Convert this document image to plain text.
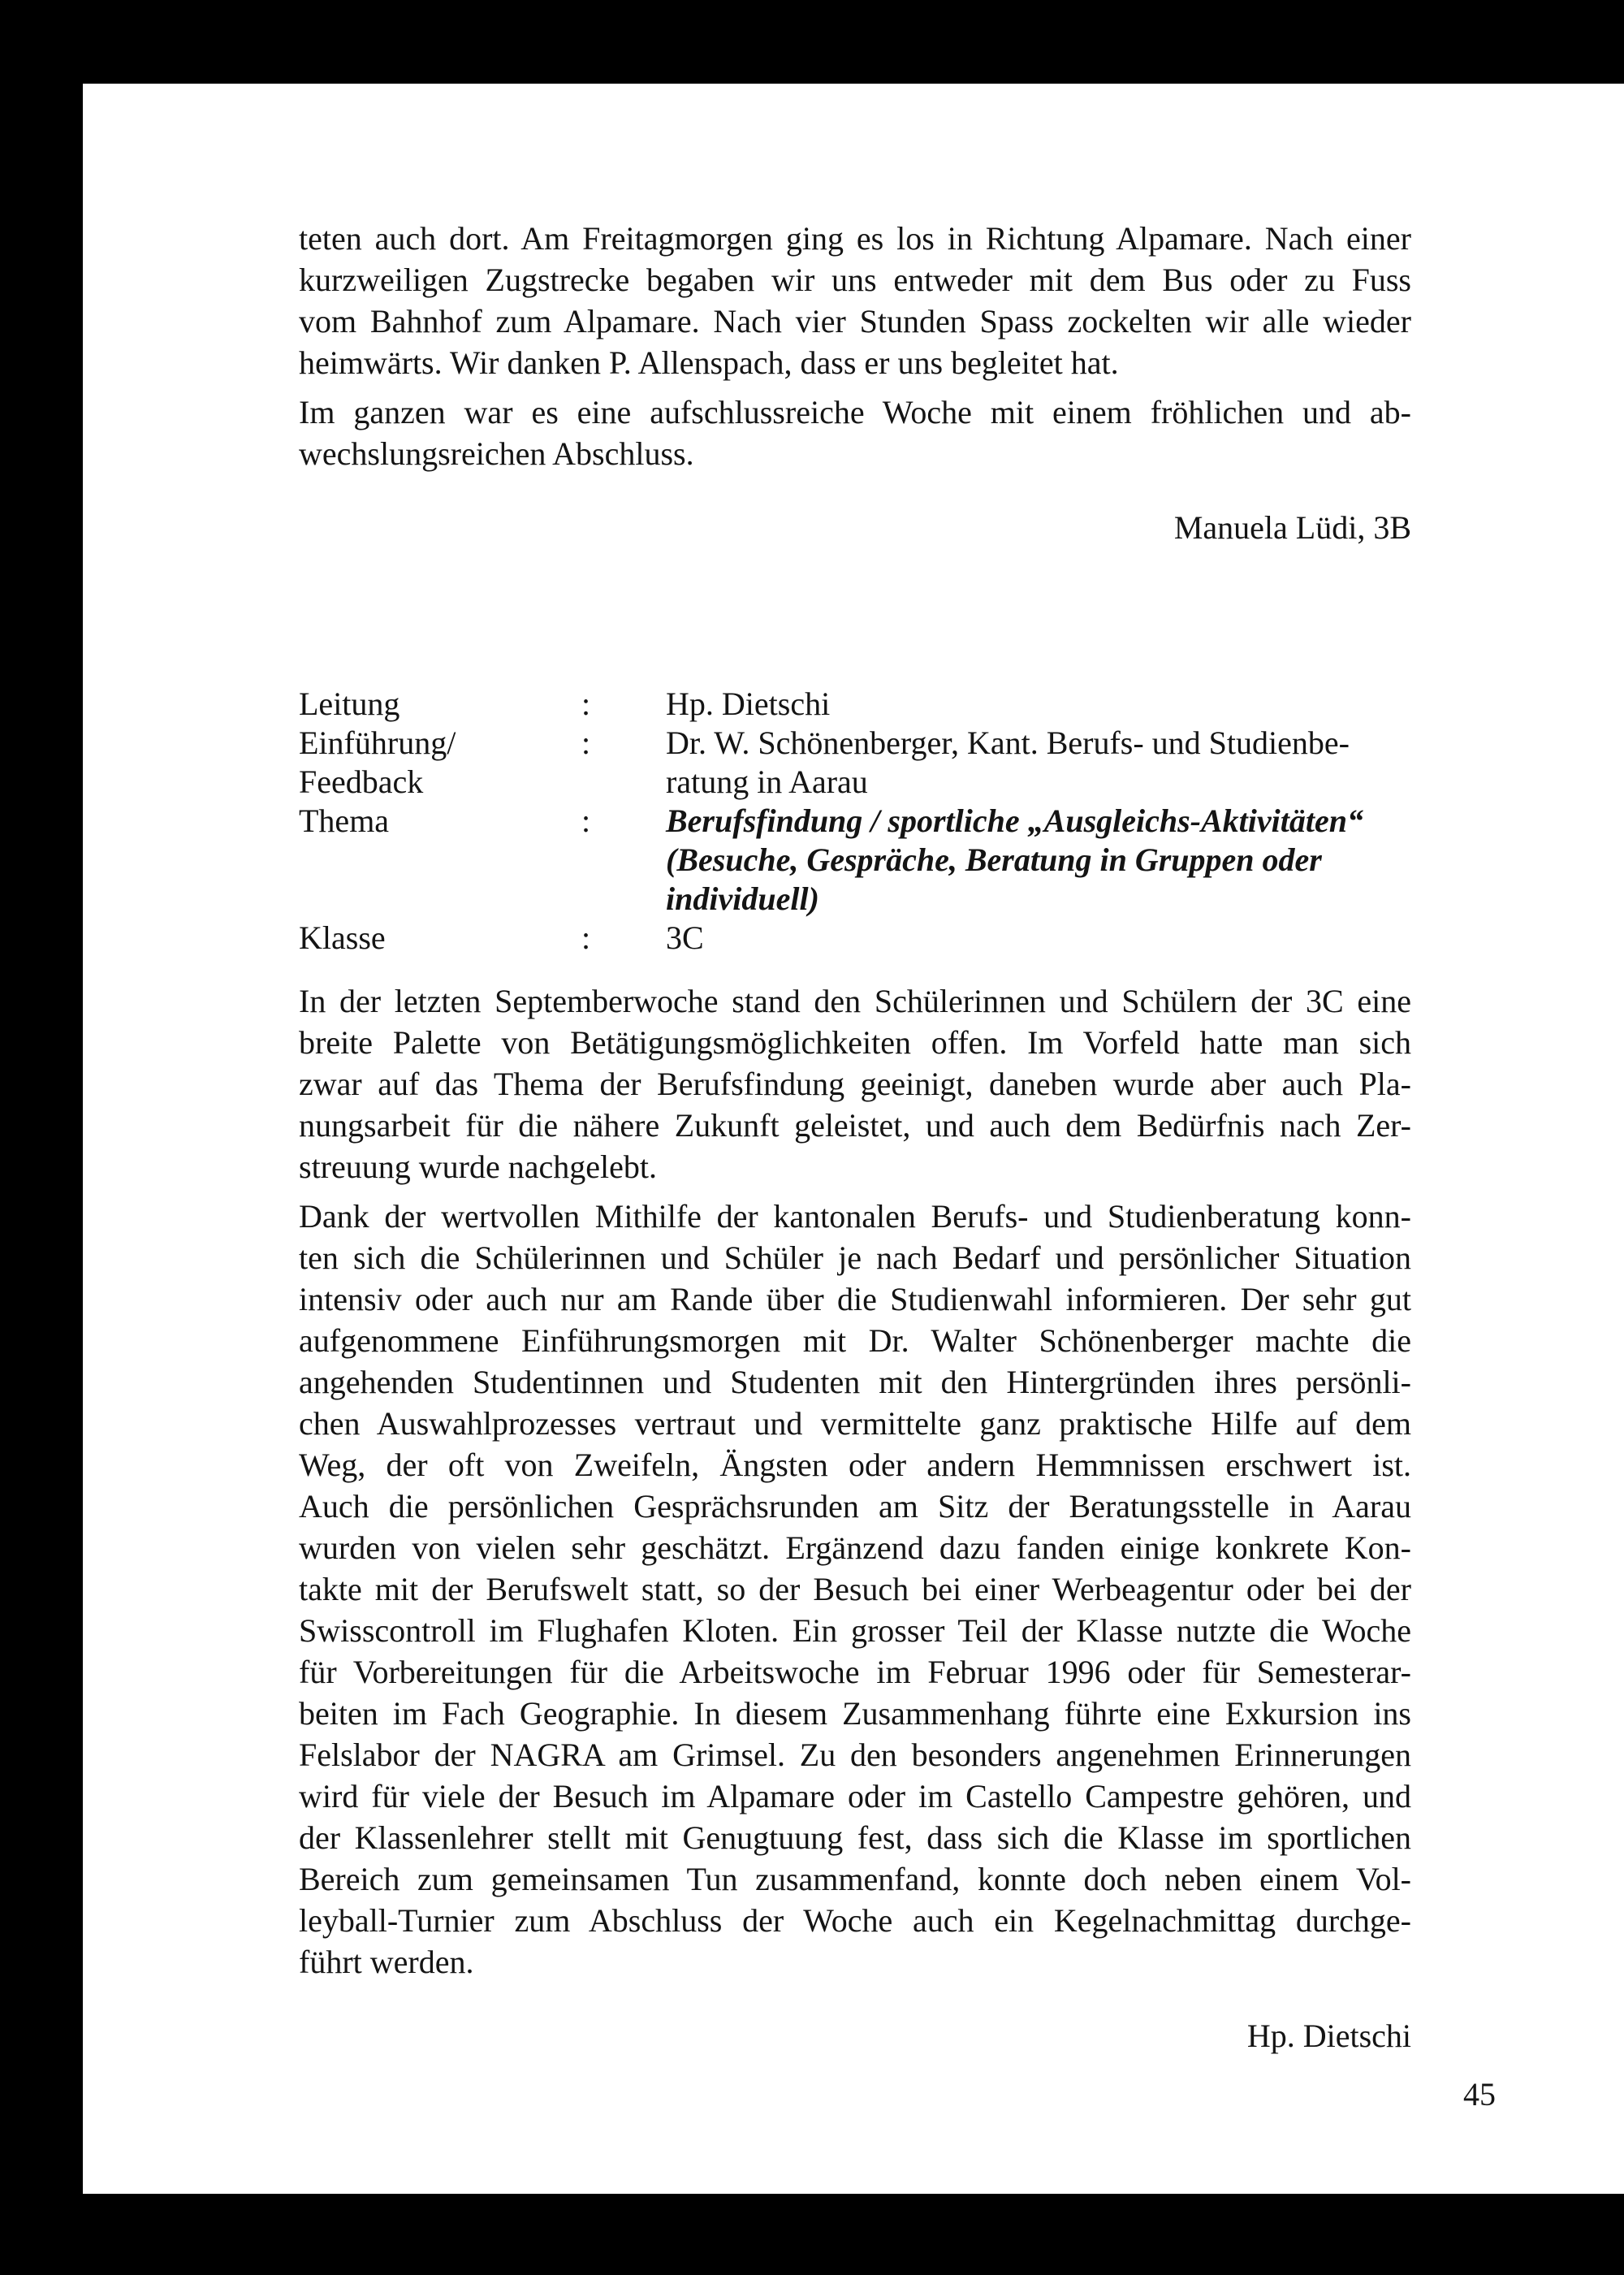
teten auch dort. Am Freitagmorgen ging es los in Richtung Alpamare. Nach einer
kurzweiligen Zugstrecke begaben wir uns entweder mit dem Bus oder zu Fuss
vom Bahnhof zum Alpamare. Nach vier Stunden Spass zockelten wir alle wieder
heimwärts. Wir danken P. Allenspach, dass er uns begleitet hat.
Im ganzen war es eine aufschlussreiche Woche mit einem fröhlichen und ab-
wechslungsreichen Abschluss.
Manuela Lüdi, 3B
Leitung	:	Hp. Dietschi
Einführung/
Feedback
:	Dr. W. Schönenberger, Kant. Berufs- und Studienbe-
ratung in Aarau
Thema	:	Berufsfindung / sportliche „Ausgleichs-Aktivitäten“
(Besuche, Gespräche, Beratung in Gruppen oder
individuell)
Klasse	:	3C
In der letzten Septemberwoche stand den Schülerinnen und Schülern der 3C eine
breite Palette von Betätigungsmöglichkeiten offen. Im Vorfeld hatte man sich
zwar auf das Thema der Berufsfindung geeinigt, daneben wurde aber auch Pla-
nungsarbeit für die nähere Zukunft geleistet, und auch dem Bedürfnis nach Zer-
streuung wurde nachgelebt.
Dank der wertvollen Mithilfe der kantonalen Berufs- und Studienberatung konn-
ten sich die Schülerinnen und Schüler je nach Bedarf und persönlicher Situation
intensiv oder auch nur am Rande über die Studienwahl informieren. Der sehr gut
aufgenommene Einführungsmorgen mit Dr. Walter Schönenberger machte die
angehenden Studentinnen und Studenten mit den Hintergründen ihres persönli-
chen Auswahlprozesses vertraut und vermittelte ganz praktische Hilfe auf dem
Weg, der oft von Zweifeln, Ängsten oder andern Hemmnissen erschwert ist.
Auch die persönlichen Gesprächsrunden am Sitz der Beratungsstelle in Aarau
wurden von vielen sehr geschätzt. Ergänzend dazu fanden einige konkrete Kon-
takte mit der Berufswelt statt, so der Besuch bei einer Werbeagentur oder bei der
Swisscontroll im Flughafen Kloten. Ein grosser Teil der Klasse nutzte die Woche
für Vorbereitungen für die Arbeitswoche im Februar 1996 oder für Semesterar-
beiten im Fach Geographie. In diesem Zusammenhang führte eine Exkursion ins
Felslabor der NAGRA am Grimsel. Zu den besonders angenehmen Erinnerungen
wird für viele der Besuch im Alpamare oder im Castello Campestre gehören, und
der Klassenlehrer stellt mit Genugtuung fest, dass sich die Klasse im sportlichen
Bereich zum gemeinsamen Tun zusammenfand, konnte doch neben einem Vol-
leyball-Turnier zum Abschluss der Woche auch ein Kegelnachmittag durchge-
führt werden.
Hp. Dietschi
45
